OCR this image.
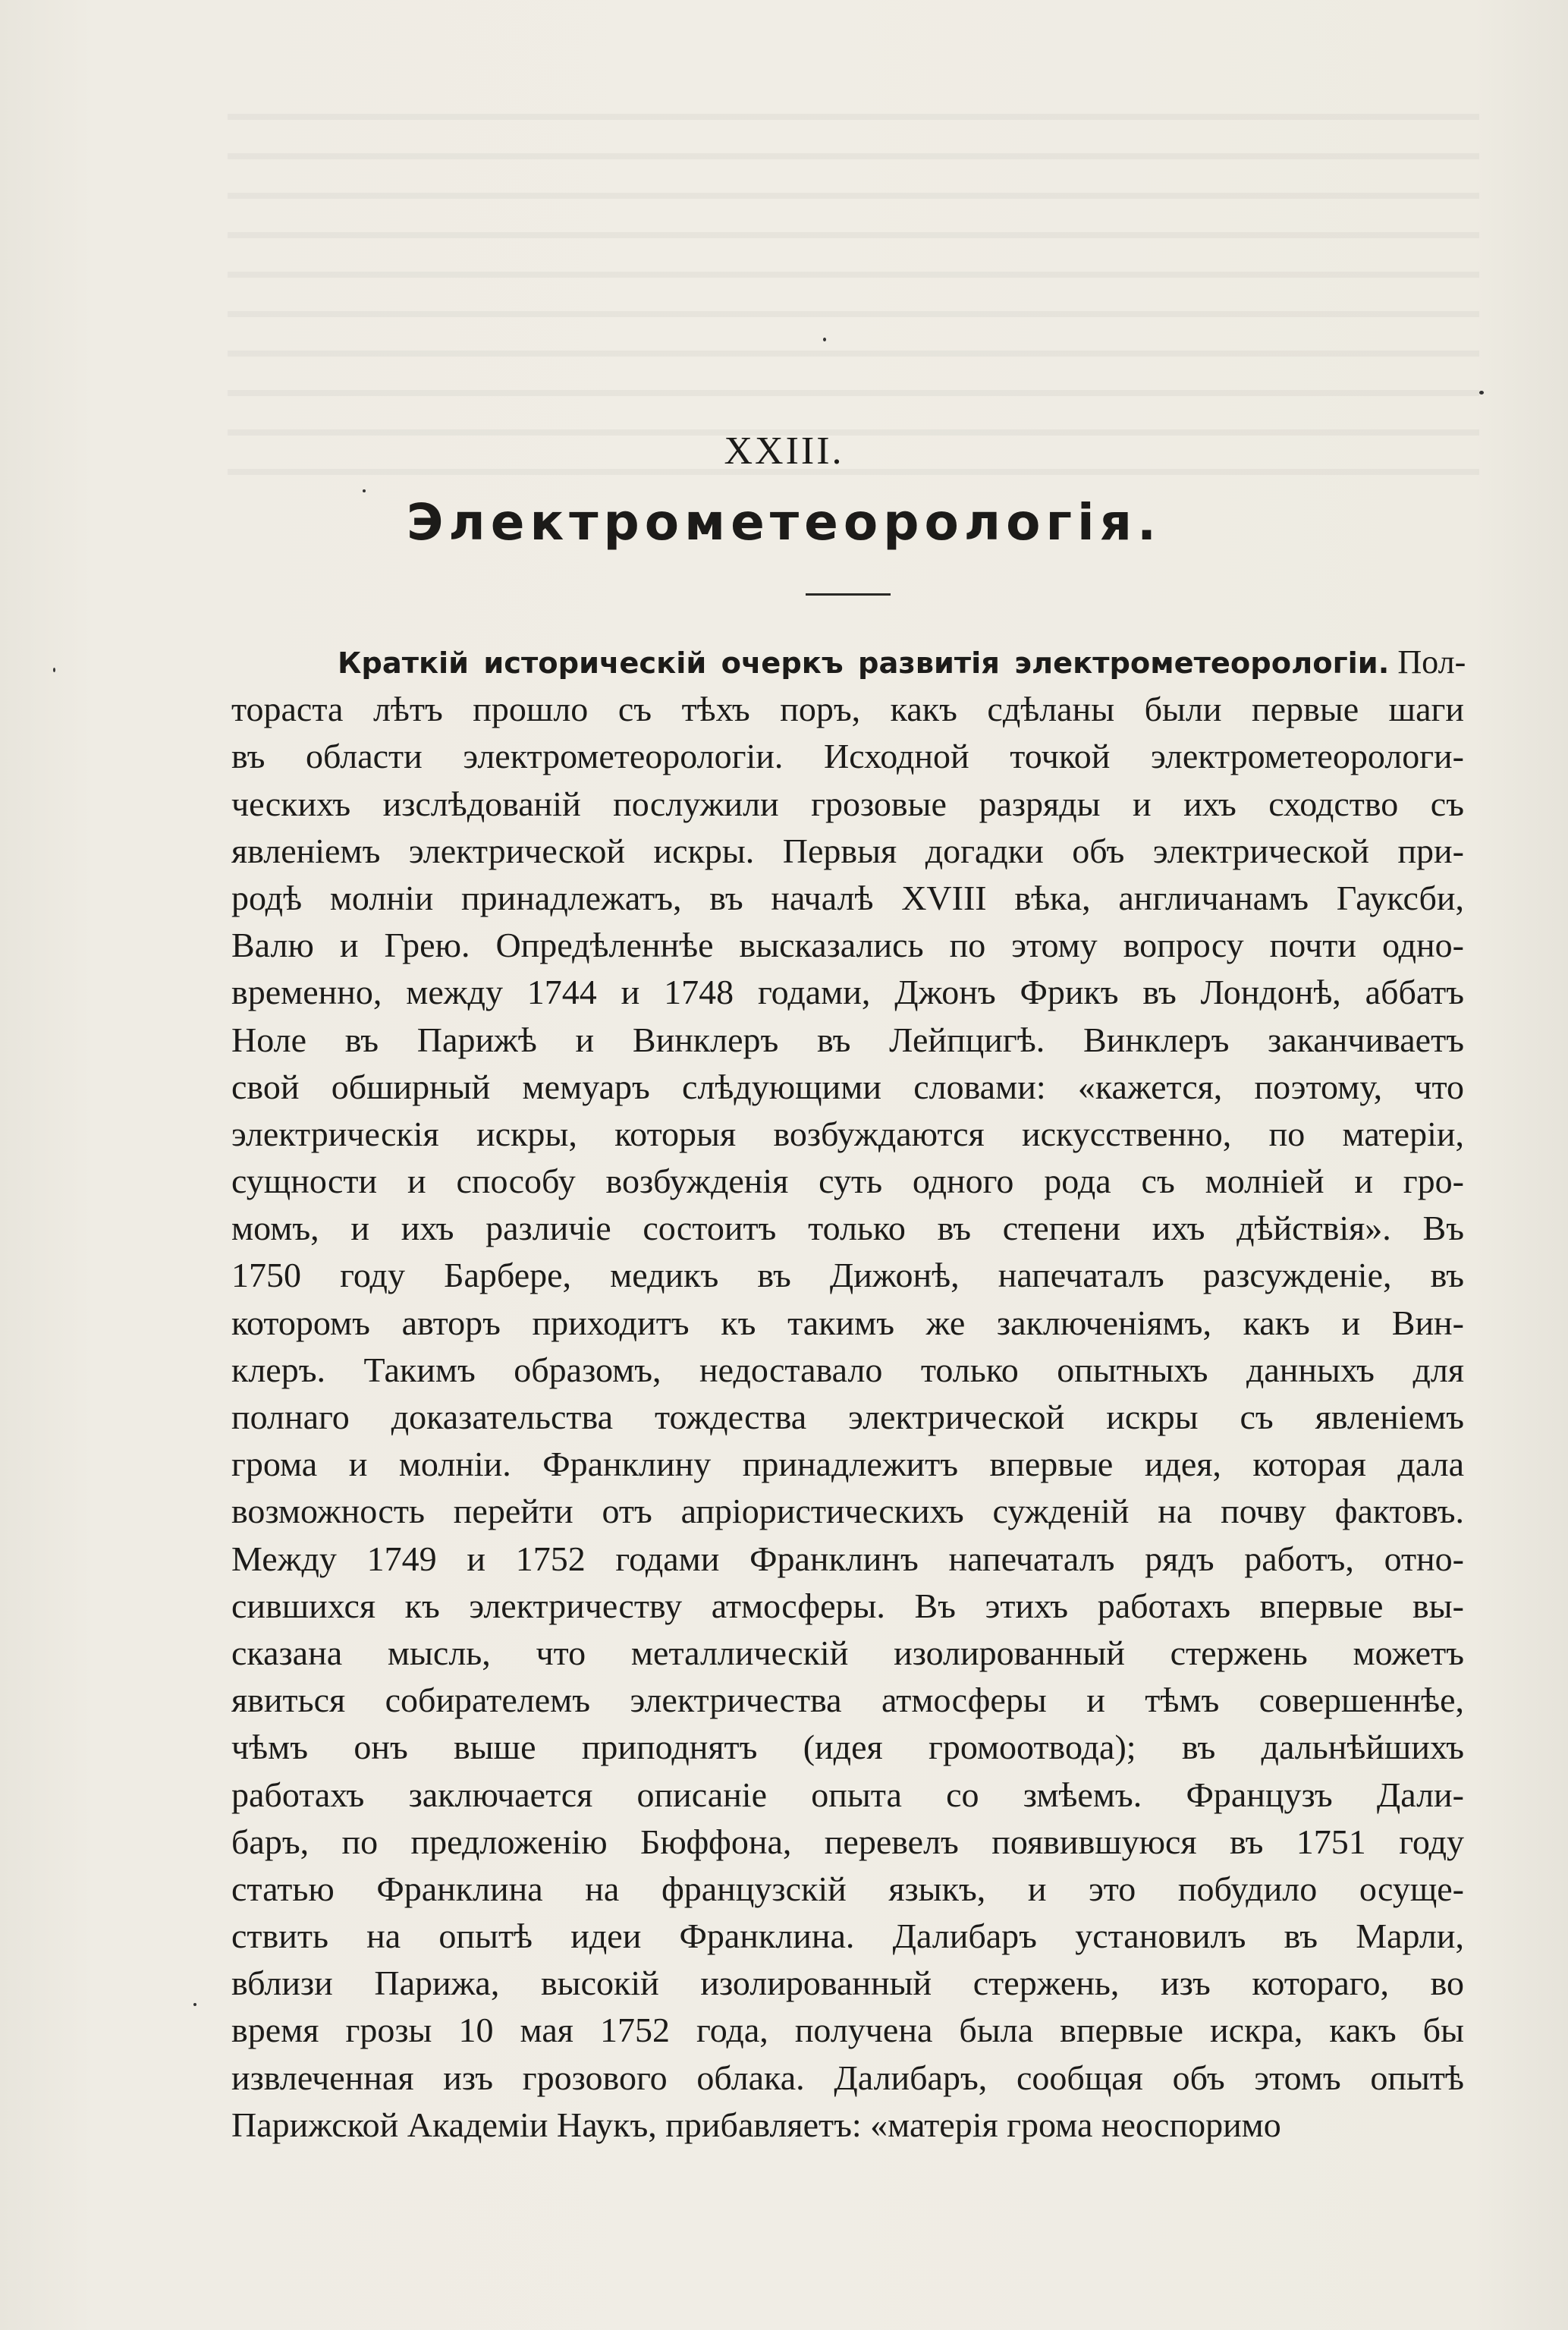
XXIII.
Электрометеорологія.
Краткій историческій очеркъ развитія электрометеорологіи. Пол-
тораста лѣтъ прошло съ тѣхъ поръ, какъ сдѣланы были первые шаги
въ области электрометеорологіи. Исходной точкой электрометеорологи-
ческихъ изслѣдованій послужили грозовые разряды и ихъ сходство съ
явленіемъ электрической искры. Первыя догадки объ электрической при-
родѣ молніи принадлежатъ, въ началѣ XVIII вѣка, англичанамъ Гауксби,
Валю и Грею. Опредѣленнѣе высказались по этому вопросу почти одно-
временно, между 1744 и 1748 годами, Джонъ Фрикъ въ Лондонѣ, аббатъ
Ноле въ Парижѣ и Винклеръ въ Лейпцигѣ. Винклеръ заканчиваетъ
свой обширный мемуаръ слѣдующими словами: «кажется, поэтому, что
электрическія искры, которыя возбуждаются искусственно, по матеріи,
сущности и способу возбужденія суть одного рода съ молніей и гро-
момъ, и ихъ различіе состоитъ только въ степени ихъ дѣйствія». Въ
1750 году Барбере, медикъ въ Дижонѣ, напечаталъ разсужденіе, въ
которомъ авторъ приходитъ къ такимъ же заключеніямъ, какъ и Вин-
клеръ. Такимъ образомъ, недоставало только опытныхъ данныхъ для
полнаго доказательства тождества электрической искры съ явленіемъ
грома и молніи. Франклину принадлежитъ впервые идея, которая дала
возможность перейти отъ апріористическихъ сужденій на почву фактовъ.
Между 1749 и 1752 годами Франклинъ напечаталъ рядъ работъ, отно-
сившихся къ электричеству атмосферы. Въ этихъ работахъ впервые вы-
сказана мысль, что металлическій изолированный стержень можетъ
явиться собирателемъ электричества атмосферы и тѣмъ совершеннѣе,
чѣмъ онъ выше приподнятъ (идея громоотвода); въ дальнѣйшихъ
работахъ заключается описаніе опыта со змѣемъ. Французъ Дали-
баръ, по предложенію Бюффона, перевелъ появившуюся въ 1751 году
статью Франклина на французскій языкъ, и это побудило осуще-
ствить на опытѣ идеи Франклина. Далибаръ установилъ въ Марли,
вблизи Парижа, высокій изолированный стержень, изъ котораго, во
время грозы 10 мая 1752 года, получена была впервые искра, какъ бы
извлеченная изъ грозового облака. Далибаръ, сообщая объ этомъ опытѣ
Парижской Академіи Наукъ, прибавляетъ: «матерія грома неоспоримо
